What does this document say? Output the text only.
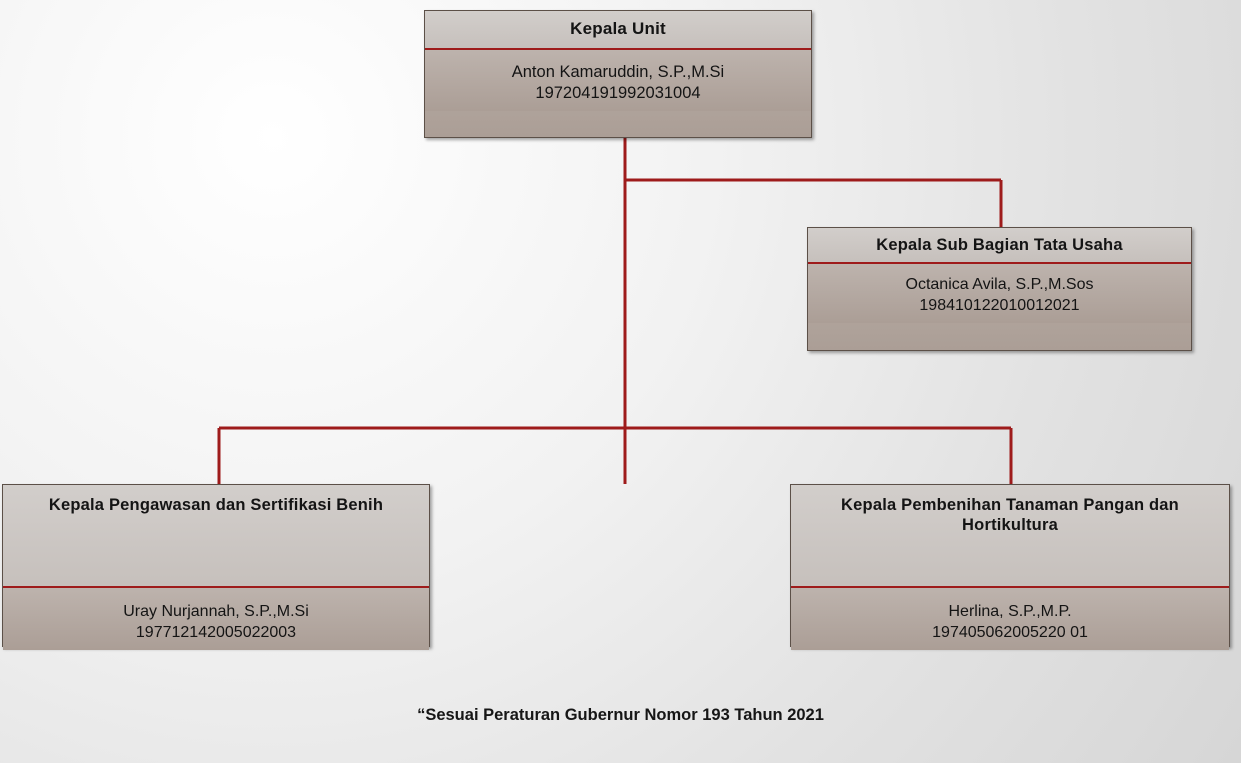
Kepala Unit
Anton Kamaruddin, S.P.,M.Si
197204191992031004
Kepala Sub Bagian Tata Usaha
Octanica Avila, S.P.,M.Sos
198410122010012021
Kepala Pengawasan dan Sertifikasi Benih
Uray Nurjannah, S.P.,M.Si
197712142005022003
Kepala Pembenihan Tanaman Pangan dan Hortikultura
Herlina, S.P.,M.P.
197405062005220 01
“Sesuai Peraturan Gubernur Nomor 193 Tahun 2021
